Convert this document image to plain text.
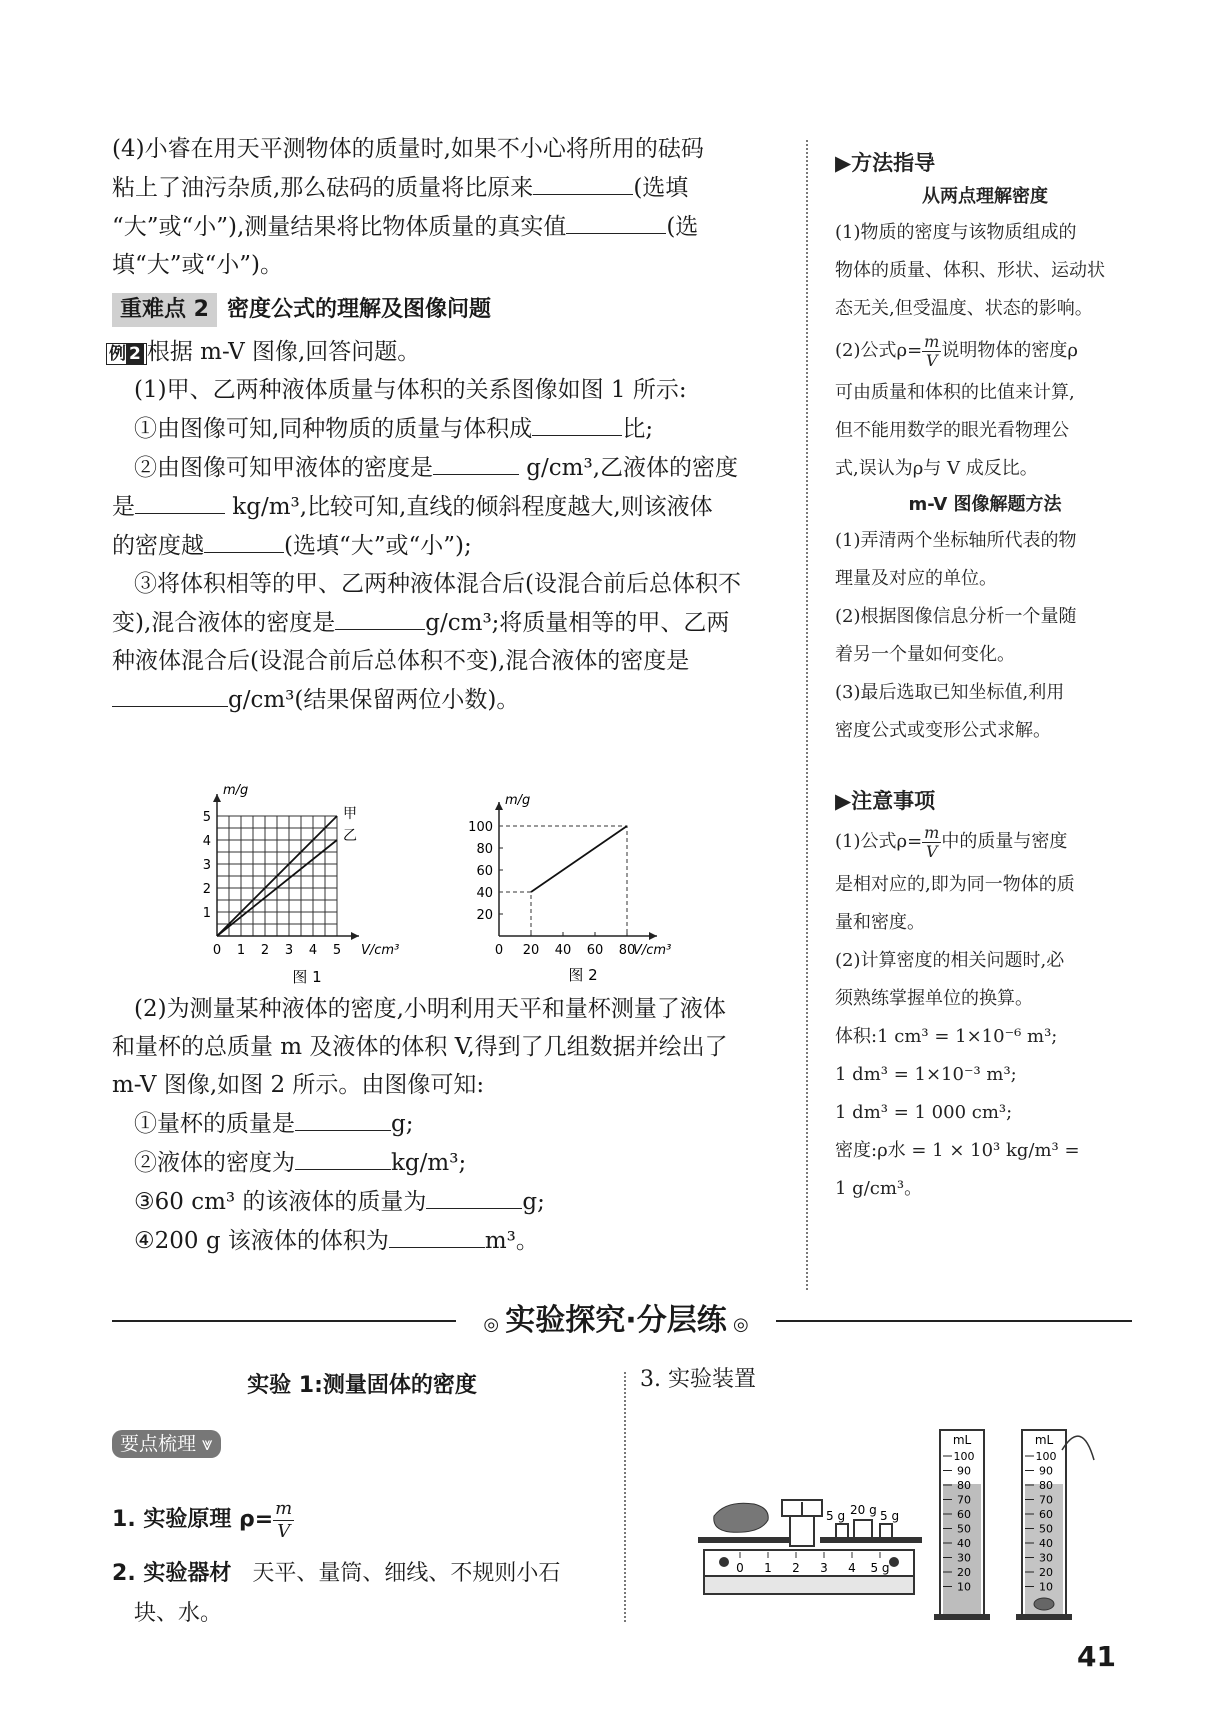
(4)小睿在用天平测物体的质量时,如果不小心将所用的砝码

粘上了油污杂质,那么砝码的质量将比原来	(选填

“大”或“小”),测量结果将比物体质量的真实值	(选

填“大”或“小”)。

重难点 2 密度公式的理解及图像问题

例 2 根据 m-V 图像,回答问题。

(1)甲、乙两种液体质量与体积的关系图像如图 1 所示:

①由图像可知,同种物质的质量与体积成	比;

②由图像可知甲液体的密度是	g/cm³,乙液体的密度

是	kg/m³,比较可知,直线的倾斜程度越大,则该液体

的密度越	(选填“大”或“小”);

③将体积相等的甲、乙两种液体混合后(设混合前后总体积不

变),混合液体的密度是	g/cm³;将质量相等的甲、乙两

种液体混合后(设混合前后总体积不变),混合液体的密度是

g/cm³(结果保留两位小数)。

0 1 2 3 4 5
1
2
3
4
5
m/g
V/cm³
甲
乙
图 1
20
40
60
80
100
0 20 40 60 80
m/g
V/cm³
图 2

(2)为测量某种液体的密度,小明利用天平和量杯测量了液体

和量杯的总质量 m 及液体的体积 V,得到了几组数据并绘出了

m-V 图像,如图 2 所示。由图像可知:

①量杯的质量是	g;

②液体的密度为	kg/m³;

③60 cm³ 的该液体的质量为	g;

④200 g 该液体的体积为	m³。

▶方法指导

从两点理解密度

(1)物质的密度与该物质组成的

物体的质量、体积、形状、运动状

态无关,但受温度、状态的影响。

(2)公式$\rho= \frac{m}{V}$ 说明物体的密度ρ

可由质量和体积的比值来计算,

但不能用数学的眼光看物理公

式,误认为ρ与 V 成反比。

m-V 图像解题方法

(1)弄清两个坐标轴所代表的物

理量及对应的单位。

(2)根据图像信息分析一个量随

着另一个量如何变化。

(3)最后选取已知坐标值,利用

密度公式或变形公式求解。

▶注意事项

(1)公式$\rho= \frac{m}{V}$ 中的质量与密度

是相对应的,即为同一物体的质

量和密度。

(2)计算密度的相关问题时,必

须熟练掌握单位的换算。

体积:1 cm³ = 1×10⁻⁶ m³;

1 dm³ = 1×10⁻³ m³;

1 dm³ = 1 000 cm³;

密度:ρ水 = 1 × 10³ kg/m³ =

1 g/cm³。

◎ 实验探究·分层练 ◎

实验 1:测量固体的密度

要点梳理 ⩔

1. 实验原理 $\rho= \frac{m}{V}$

2. 实验器材 天平、量筒、细线、不规则小石

块、水。

3. 实验装置
20 g
5 g	5 g
0 1 2 3 4 5 g
mL
100
90
80
70
60
50
40
30
20
10
mL
100
90
80
70
60
50
40
30
20
10
41
